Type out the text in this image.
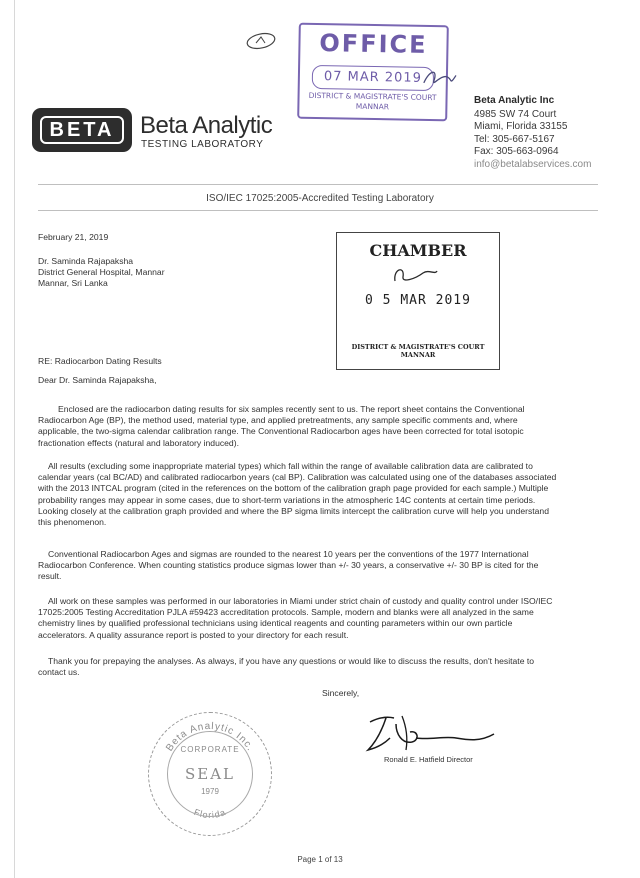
OFFICE
07 MAR 2019
DISTRICT & MAGISTRATE'S COURT
MANNAR
BETA	Beta Analytic
TESTING LABORATORY
Beta Analytic Inc
4985 SW 74 Court
Miami, Florida 33155
Tel: 305-667-5167
Fax: 305-663-0964
info@betalabservices.com
ISO/IEC 17025:2005-Accredited Testing Laboratory
February 21, 2019
Dr. Saminda Rajapaksha
District General Hospital, Mannar
Mannar, Sri Lanka
CHAMBER
0 5 MAR 2019
DISTRICT & MAGISTRATE'S COURT
MANNAR
RE: Radiocarbon Dating Results
Dear Dr. Saminda Rajapaksha,

Enclosed are the radiocarbon dating results for six samples recently sent to us. The report sheet contains the Conventional Radiocarbon Age (BP), the method used, material type, and applied pretreatments, any sample specific comments and, where applicable, the two-sigma calendar calibration range. The Conventional Radiocarbon ages have been corrected for total isotopic fractionation effects (natural and laboratory induced).

All results (excluding some inappropriate material types) which fall within the range of available calibration data are calibrated to calendar years (cal BC/AD) and calibrated radiocarbon years (cal BP). Calibration was calculated using one of the databases associated with the 2013 INTCAL program (cited in the references on the bottom of the calibration graph page provided for each sample.) Multiple probability ranges may appear in some cases, due to short-term variations in the atmospheric 14C contents at certain time periods. Looking closely at the calibration graph provided and where the BP sigma limits intercept the calibration curve will help you understand this phenomenon.

Conventional Radiocarbon Ages and sigmas are rounded to the nearest 10 years per the conventions of the 1977 International Radiocarbon Conference. When counting statistics produce sigmas lower than +/- 30 years, a conservative +/- 30 BP is cited for the result.

All work on these samples was performed in our laboratories in Miami under strict chain of custody and quality control under ISO/IEC 17025:2005 Testing Accreditation PJLA #59423 accreditation protocols. Sample, modern and blanks were all analyzed in the same chemistry lines by qualified professional technicians using identical reagents and counting parameters within our own particle accelerators. A quality assurance report is posted to your directory for each result.

Thank you for prepaying the analyses. As always, if you have any questions or would like to discuss the results, don't hesitate to contact us.

Sincerely,
Ronald E. Hatfield Director
Beta Analytic Inc.
Florida
CORPORATE
SEAL
1979
Page 1 of 13
